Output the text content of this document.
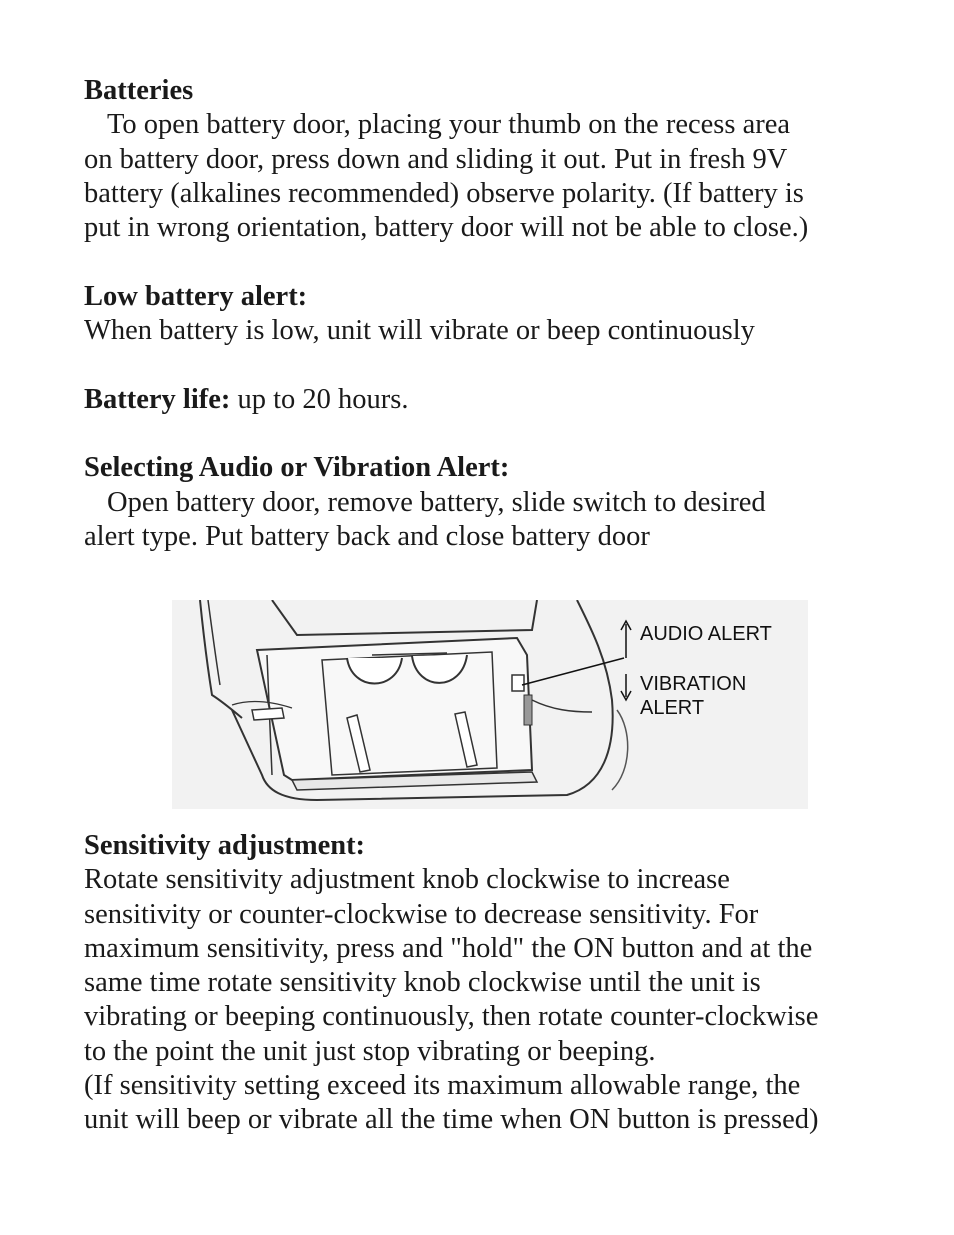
Batteries

To open battery door, placing your thumb on the recess area

on battery door, press down and sliding it out. Put in fresh 9V

battery (alkalines recommended) observe polarity. (If battery is

put in wrong orientation, battery door will not be able to close.)

Low battery alert:

When battery is low, unit will vibrate or beep continuously

Battery life: up to 20 hours.

Selecting Audio or Vibration Alert:

Open battery door, remove battery, slide switch to desired

alert type. Put battery back and close battery door

AUDIO ALERT
VIBRATION
ALERT

Sensitivity adjustment:

Rotate sensitivity adjustment knob clockwise to increase

sensitivity or counter-clockwise to decrease sensitivity. For

maximum sensitivity, press and "hold" the ON button and at the

same time rotate sensitivity knob clockwise until the unit is

vibrating or beeping continuously, then rotate counter-clockwise

to the point the unit just stop vibrating or beeping.

(If sensitivity setting exceed its maximum allowable range, the

unit will beep or vibrate all the time when ON button is pressed)
